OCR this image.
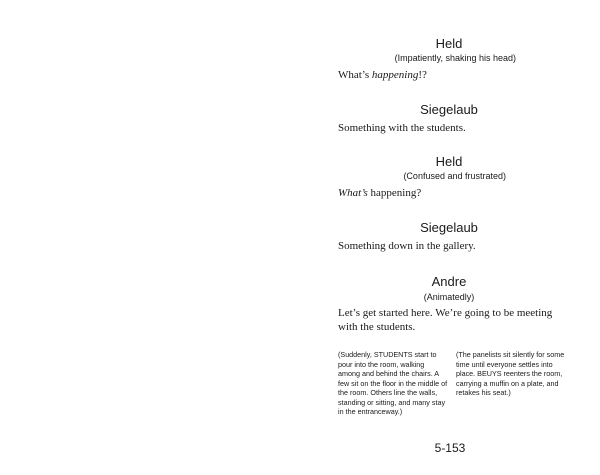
Held
(Impatiently, shaking his head)
What’s happening!?
Siegelaub
Something with the students.
Held
(Confused and frustrated)
What’s happening?
Siegelaub
Something down in the gallery.
Andre
(Animatedly)
Let’s get started here. We’re going to be meeting with the students.
(Suddenly, STUDENTS start to pour into the room, walking among and behind the chairs. A few sit on the floor in the middle of the room. Others line the walls, standing or sitting, and many stay in the entranceway.)
(The panelists sit silently for some time until everyone settles into place. BEUYS reenters the room, carrying a muffin on a plate, and retakes his seat.)
5-153
